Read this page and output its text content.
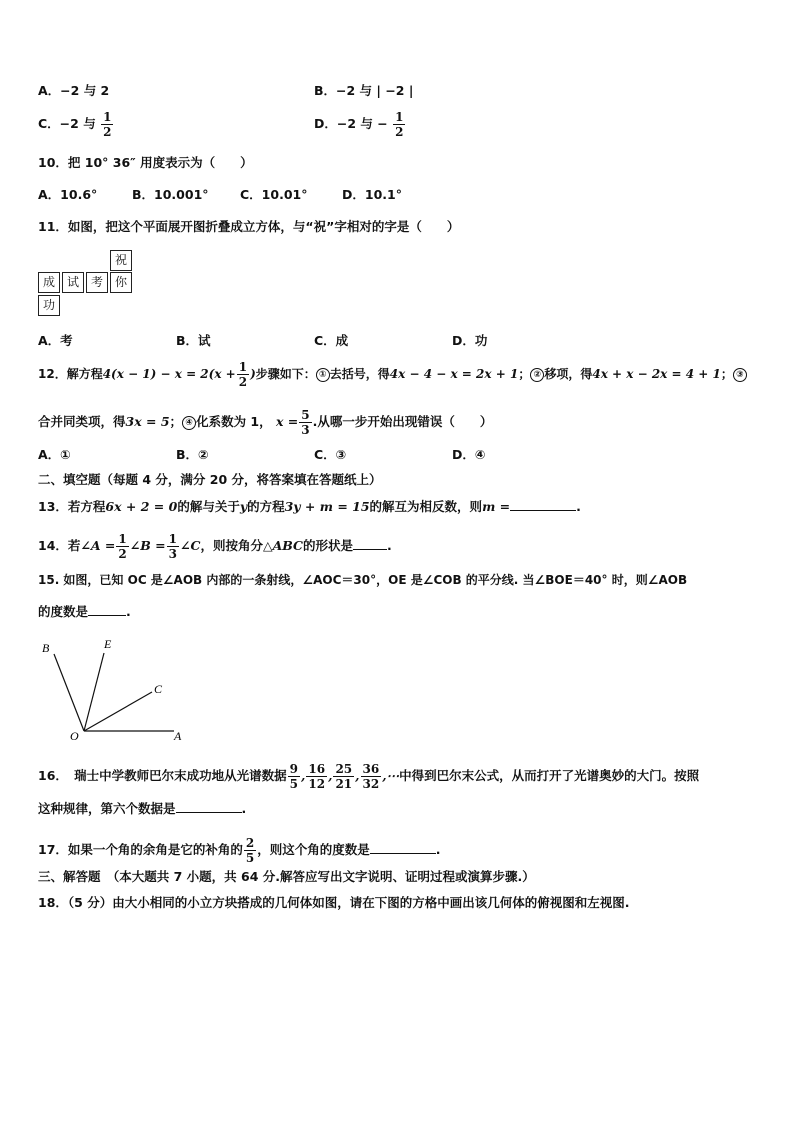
A．−2 与 2	B．−2 与 | −2 |
C．−2 与 $\frac{1}{2}$	D．−2 与 − $\frac{1}{2}$
10．把 10° 36″ 用度表示为（　　）
A．10.6°	B．10.001°	C．10.01°	D．10.1°
11．如图，把这个平面展开图折叠成立方体，与“祝”字相对的字是（　　）
祝
成 试 考 你
功
A．考	B．试	C．成	D．功
12．解方程$4(x - 1) - x = 2(x + \frac{1}{2}$ )步骤如下： ① 去括号，得4x − 4 − x = 2x + 1； ② 移项，得4x + x − 2x = 4 + 1； ③
合并同类项，得3x = 5； ④ 化系数为 1， $x = \frac{5}{3}$ .从哪一步开始出现错误（　　）
A．①	B．②	C．③	D．④
二、填空题（每题 4 分，满分 20 分，将答案填在答题纸上）
13．若方程6x + 2 = 0的解与关于y的方程3y + m = 15的解互为相反数，则m =	.
14．若∠A = $\frac{1}{2}$ ∠B = $\frac{1}{3}$ ∠C，则按角分△ABC的形状是	.
15. 如图，已知 OC 是∠AOB 内部的一条射线，∠AOC＝30°，OE 是∠COB 的平分线. 当∠BOE＝40° 时，则∠AOB
的度数是	.
B	E
C
O	A
16．　瑞士中学教师巴尔末成功地从光谱数据 $\frac{9}{5}$ , $\frac{16}{12}$ , $\frac{25}{21}$ , $\frac{36}{32}$ ,⋯中得到巴尔末公式，从而打开了光谱奥妙的大门。按照
这种规律，第六个数据是	.
17．如果一个角的余角是它的补角的 $\frac{2}{5}$ ，则这个角的度数是	.
三、解答题　（本大题共 7 小题，共 64 分.解答应写出文字说明、证明过程或演算步骤.）
18．（5 分）由大小相同的小立方块搭成的几何体如图，请在下图的方格中画出该几何体的俯视图和左视图.
